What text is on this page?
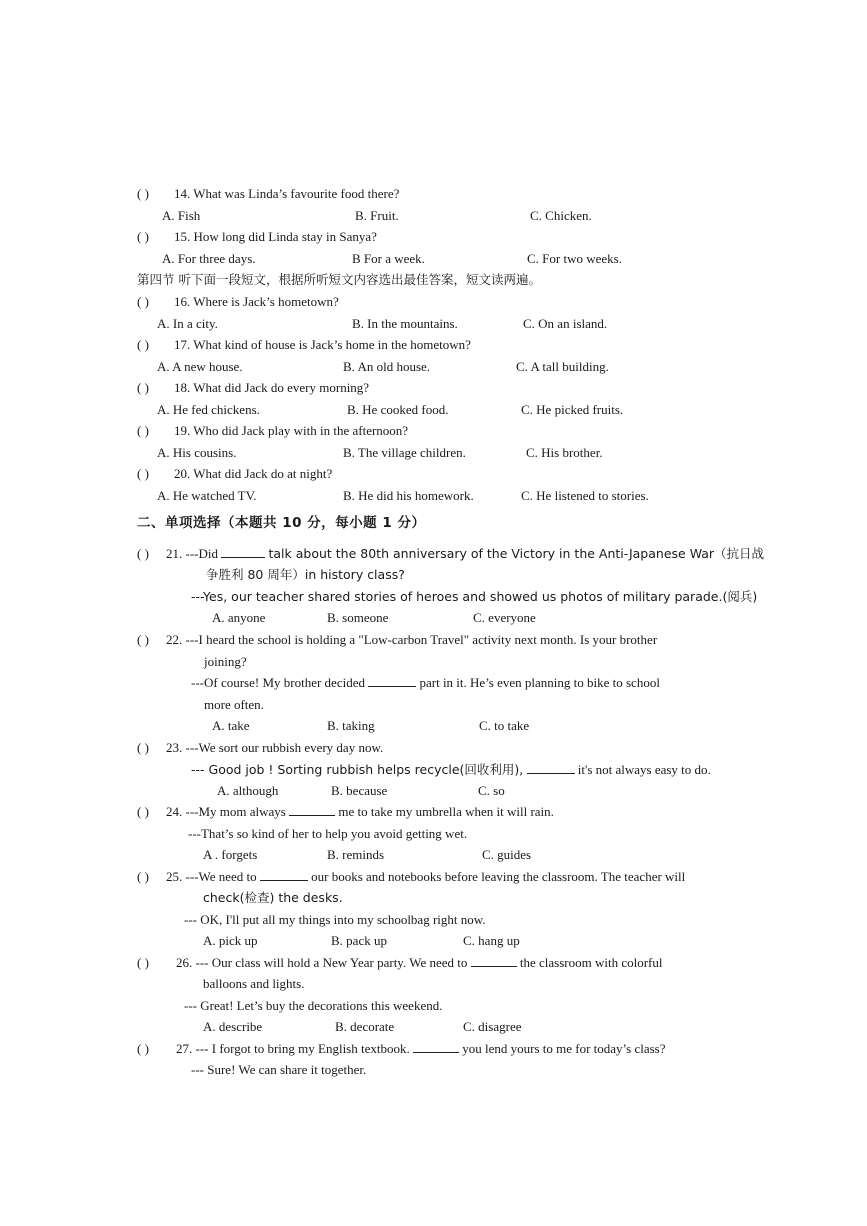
( ) 14. What was Linda’s favourite food there?
A. Fish	B. Fruit.	C. Chicken.
( ) 15. How long did Linda stay in Sanya?
A. For three days.	B For a week.	C. For two weeks.
第四节 听下面一段短文，根据所听短文内容选出最佳答案，短文读两遍。
( ) 16. Where is Jack’s hometown?
A. In a city.	B. In the mountains.	C. On an island.
( ) 17. What kind of house is Jack’s home in the hometown?
A. A new house.	B. An old house.	C. A tall building.
( ) 18. What did Jack do every morning?
A. He fed chickens.	B. He cooked food.	C. He picked fruits.
( ) 19. Who did Jack play with in the afternoon?
A. His cousins.	B. The village children.	C. His brother.
( ) 20. What did Jack do at night?
A. He watched TV.	B. He did his homework.	C. He listened to stories.
二、单项选择（本题共 10 分，每小题 1 分）
( ) 21. ---Did	talk about the 80th anniversary of the Victory in the Anti-Japanese War（抗日战
争胜利 80 周年）in history class?
---Yes, our teacher shared stories of heroes and showed us photos of military parade.(阅兵)
A. anyone	B. someone	C. everyone
( ) 22. ---I heard the school is holding a "Low-carbon Travel" activity next month. Is your brother
joining?
---Of course! My brother decided	part in it. He’s even planning to bike to school
more often.
A. take	B. taking	C. to take
( ) 23. ---We sort our rubbish every day now.
--- Good job ! Sorting rubbish helps recycle(回收利用),	it's not always easy to do.
A. although	B. because	C. so
( ) 24. ---My mom always	me to take my umbrella when it will rain.
---That’s so kind of her to help you avoid getting wet.
A . forgets	B. reminds	C. guides
( ) 25. ---We need to	our books and notebooks before leaving the classroom. The teacher will
check(检查) the desks.
--- OK, I'll put all my things into my schoolbag right now.
A. pick up	B. pack up	C. hang up
( ) 26. --- Our class will hold a New Year party. We need to	the classroom with colorful
balloons and lights.
--- Great! Let’s buy the decorations this weekend.
A. describe	B. decorate	C. disagree
( ) 27. --- I forgot to bring my English textbook.	you lend yours to me for today’s class?
--- Sure! We can share it together.
